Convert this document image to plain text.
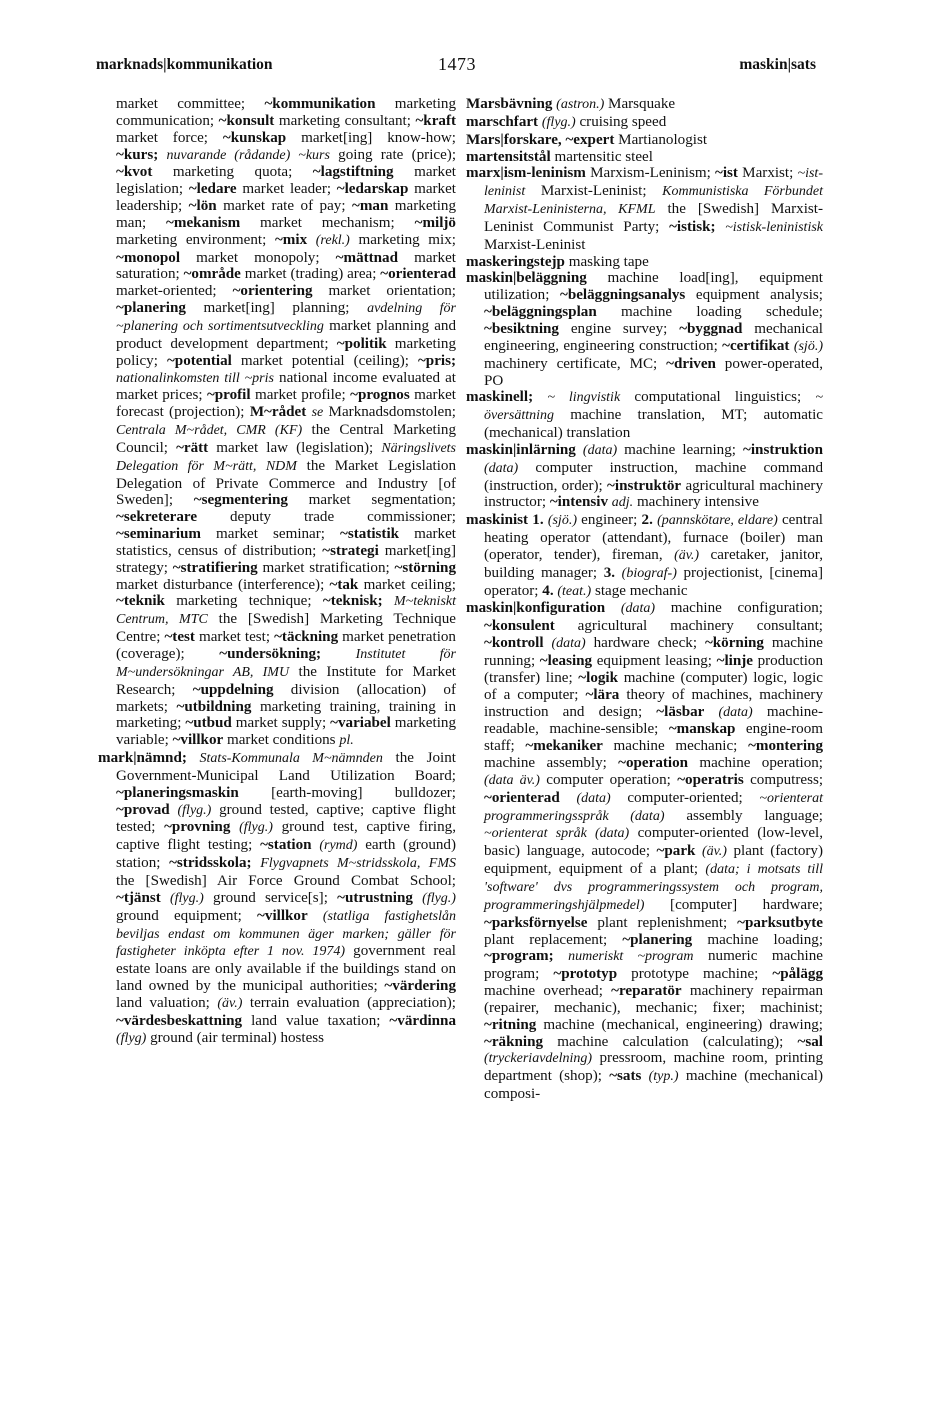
marknads|kommunikation	1473	maskin|sats

market committee; ~kommunikation marketing communication; ~konsult marketing consultant; ~kraft market force; ~kunskap market[ing] know-how; ~kurs; nuvarande (rådande) ~kurs going rate (price); ~kvot marketing quota; ~lagstiftning market legislation; ~ledare market leader; ~ledarskap market leadership; ~lön market rate of pay; ~man marketing man; ~mekanism market mechanism; ~miljö marketing environment; ~mix (rekl.) marketing mix; ~monopol market monopoly; ~mättnad market saturation; ~område market (trading) area; ~orienterad market-oriented; ~orientering market orientation; ~planering market[ing] planning; avdelning för ~planering och sortimentsutveckling market planning and product development department; ~politik marketing policy; ~potential market potential (ceiling); ~pris; nationalinkomsten till ~pris national income evaluated at market prices; ~profil market profile; ~prognos market forecast (projection); M~rådet se Marknadsdomstolen; Centrala M~rådet, CMR (KF) the Central Marketing Council; ~rätt market law (legislation); Näringslivets Delegation för M~rätt, NDM the Market Legislation Delegation of Private Commerce and Industry [of Sweden]; ~segmentering market segmentation; ~sekreterare deputy trade commissioner; ~seminarium market seminar; ~statistik market statistics, census of distribution; ~strategi market[ing] strategy; ~stratifiering market stratification; ~störning market disturbance (interference); ~tak market ceiling; ~teknik marketing technique; ~teknisk; M~tekniskt Centrum, MTC the [Swedish] Marketing Technique Centre; ~test market test; ~täckning market penetration (coverage); ~undersökning; Institutet för M~undersökningar AB, IMU the Institute for Market Research; ~uppdelning division (allocation) of markets; ~utbildning marketing training, training in marketing; ~utbud market supply; ~variabel marketing variable; ~villkor market conditions pl.

mark|nämnd; Stats-Kommunala M~nämnden the Joint Government-Municipal Land Utilization Board; ~planeringsmaskin [earth-moving] bulldozer; ~provad (flyg.) ground tested, captive; captive flight tested; ~provning (flyg.) ground test, captive firing, captive flight testing; ~station (rymd) earth (ground) station; ~stridsskola; Flygvapnets M~stridsskola, FMS the [Swedish] Air Force Ground Combat School; ~tjänst (flyg.) ground service[s]; ~utrustning (flyg.) ground equipment; ~villkor (statliga fastighetslån beviljas endast om kommunen äger marken; gäller för fastigheter inköpta efter 1 nov. 1974) government real estate loans are only available if the buildings stand on land owned by the municipal authorities; ~värdering land valuation; (äv.) terrain evaluation (appreciation); ~värdesbeskattning land value taxation; ~värdinna (flyg) ground (air terminal) hostess

Marsbävning (astron.) Marsquake

marschfart (flyg.) cruising speed

Mars|forskare, ~expert Martianologist

martensitstål martensitic steel

marx|ism-leninism Marxism-Leninism; ~ist Marxist; ~ist-leninist Marxist-Leninist; Kommunistiska Förbundet Marxist-Leninisterna, KFML the [Swedish] Marxist-Leninist Communist Party; ~istisk; ~istisk-leninistisk Marxist-Leninist

maskeringstejp masking tape

maskin|beläggning machine load[ing], equipment utilization; ~beläggningsanalys equipment analysis; ~beläggningsplan machine loading schedule; ~besiktning engine survey; ~byggnad mechanical engineering, engineering construction; ~certifikat (sjö.) machinery certificate, MC; ~driven power-operated, PO

maskinell; ~ lingvistik computational linguistics; ~ översättning machine translation, MT; automatic (mechanical) translation

maskin|inlärning (data) machine learning; ~instruktion (data) computer instruction, machine command (instruction, order); ~instruktör agricultural machinery instructor; ~intensiv adj. machinery intensive

maskinist 1. (sjö.) engineer; 2. (pannskötare, eldare) central heating operator (attendant), furnace (boiler) man (operator, tender), fireman, (äv.) caretaker, janitor, building manager; 3. (biograf-) projectionist, [cinema] operator; 4. (teat.) stage mechanic

maskin|konfiguration (data) machine configuration; ~konsulent agricultural machinery consultant; ~kontroll (data) hardware check; ~körning machine running; ~leasing equipment leasing; ~linje production (transfer) line; ~logik machine (computer) logic, logic of a computer; ~lära theory of machines, machinery instruction and design; ~läsbar (data) machine-readable, machine-sensible; ~manskap engine-room staff; ~mekaniker machine mechanic; ~montering machine assembly; ~operation machine operation; (data äv.) computer operation; ~operatris computress; ~orienterad (data) computer-oriented; ~orienterat programmeringsspråk (data) assembly language; ~orienterat språk (data) computer-oriented (low-level, basic) language, autocode; ~park (äv.) plant (factory) equipment, equipment of a plant; (data; i motsats till 'software' dvs programmeringssystem och program, programmeringshjälpmedel) [computer] hardware; ~parksförnyelse plant replenishment; ~parksutbyte plant replacement; ~planering machine loading; ~program; numeriskt ~program numeric machine program; ~prototyp prototype machine; ~pålägg machine overhead; ~reparatör machinery repairman (repairer, mechanic), mechanic; fixer; machinist; ~ritning machine (mechanical, engineering) drawing; ~räkning machine calculation (calculating); ~sal (tryckeriavdelning) pressroom, machine room, printing department (shop); ~sats (typ.) machine (mechanical) composi-
